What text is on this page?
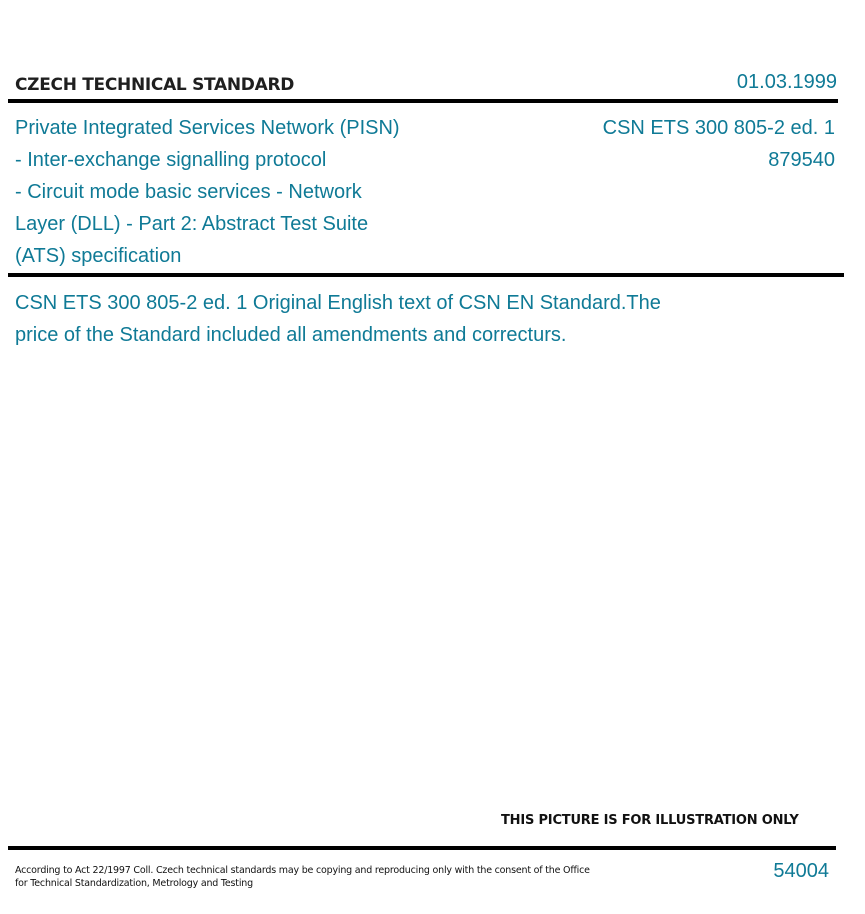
CZECH TECHNICAL STANDARD	01.03.1999
Private Integrated Services Network (PISN)
- Inter-exchange signalling protocol
- Circuit mode basic services - Network
Layer (DLL) - Part 2: Abstract Test Suite
(ATS) specification
CSN ETS 300 805-2 ed. 1
879540
CSN ETS 300 805-2 ed. 1 Original English text of CSN EN Standard.The
price of the Standard included all amendments and correcturs.
THIS PICTURE IS FOR ILLUSTRATION ONLY
According to Act 22/1997 Coll. Czech technical standards may be copying and reproducing only with the consent of the Office
for Technical Standardization, Metrology and Testing
54004
